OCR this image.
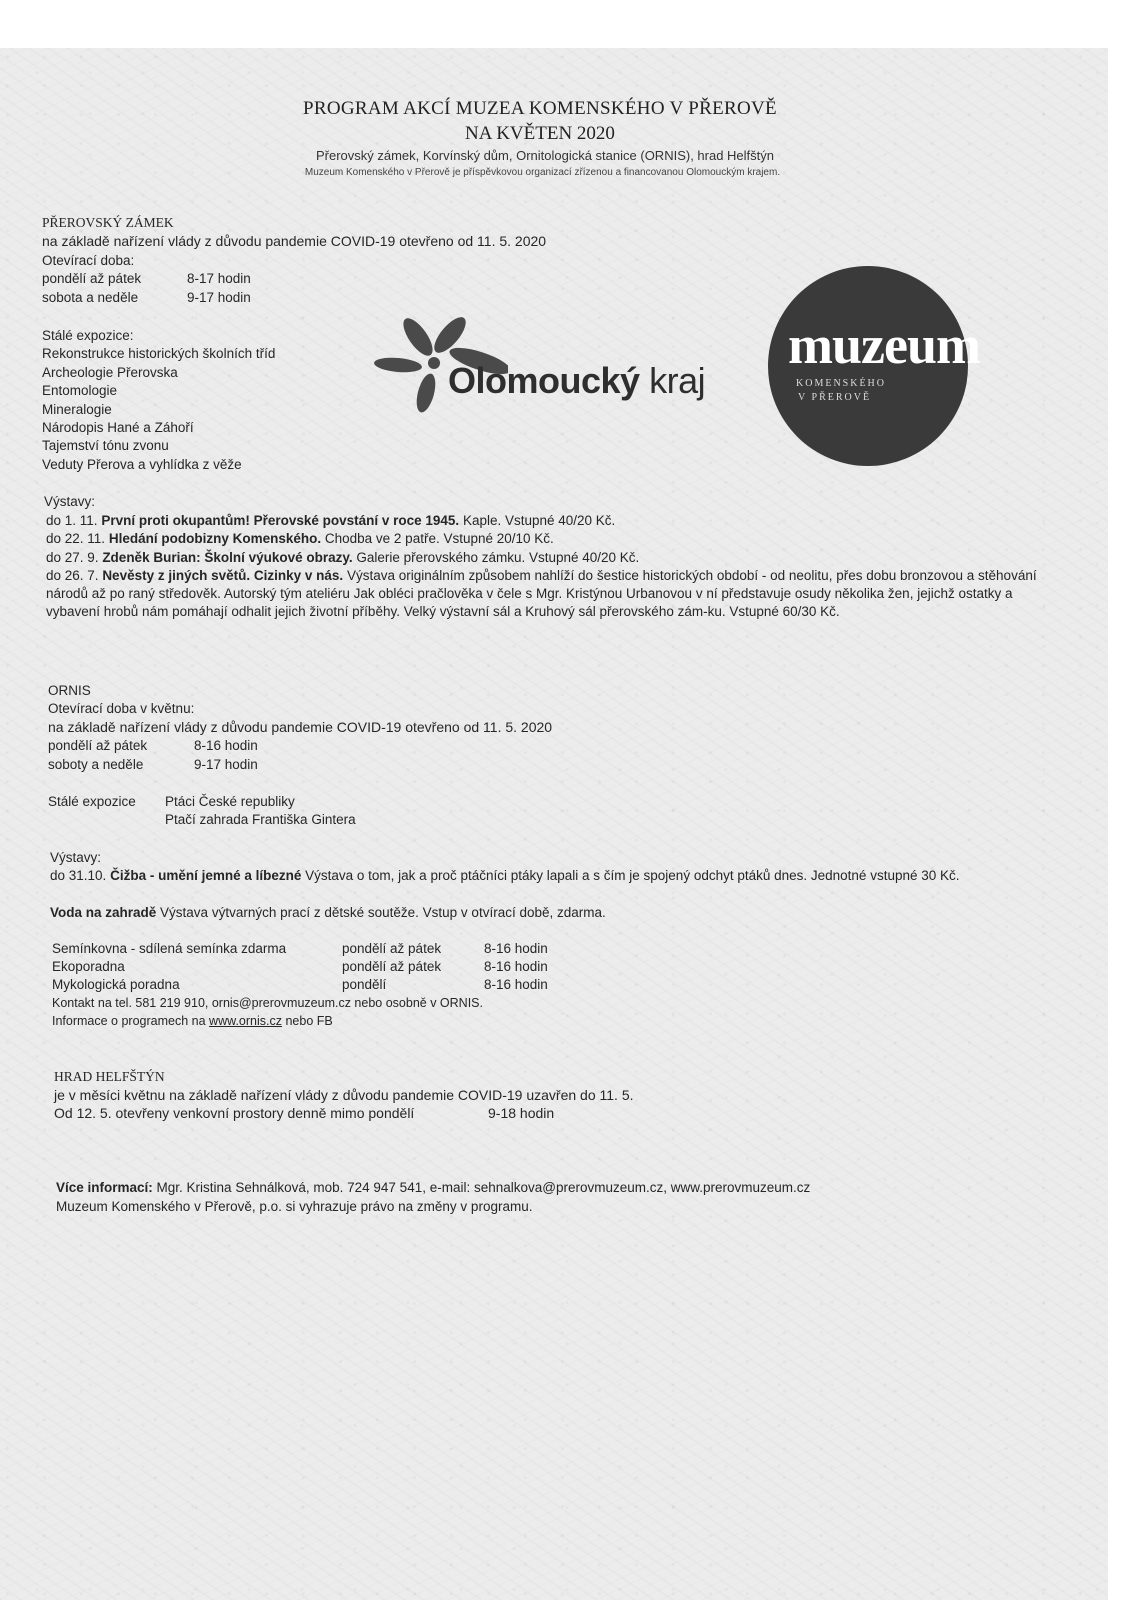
PROGRAM AKCÍ MUZEA KOMENSKÉHO V PŘEROVĚ
NA KVĚTEN 2020
Přerovský zámek, Korvínský dům, Ornitologická stanice (ORNIS), hrad Helfštýn
Muzeum Komenského v Přerově je příspěvkovou organizací zřízenou a financovanou Olomouckým krajem.
PŘEROVSKÝ ZÁMEK
na základě nařízení vlády z důvodu pandemie COVID-19 otevřeno od 11. 5. 2020
Otevírací doba:
pondělí až pátek	8-17 hodin
sobota a neděle	9-17 hodin
Stálé expozice:
Rekonstrukce historických školních tříd
Archeologie Přerovska
Entomologie
Mineralogie
Národopis Hané a Záhoří
Tajemství tónu zvonu
Veduty Přerova a vyhlídka z věže
Olomoucký kraj
muzeum
KOMENSKÉHO
V PŘEROVĚ
Výstavy:
do 1. 11. První proti okupantům! Přerovské povstání v roce 1945. Kaple. Vstupné 40/20 Kč.
do 22. 11. Hledání podobizny Komenského. Chodba ve 2 patře. Vstupné 20/10 Kč.
do 27. 9. Zdeněk Burian: Školní výukové obrazy. Galerie přerovského zámku. Vstupné 40/20 Kč.
do 26. 7. Nevěsty z jiných světů. Cizinky v nás. Výstava originálním způsobem nahlíží do šestice historických období - od neolitu, přes dobu bronzovou a stěhování národů až po raný středověk. Autorský tým ateliéru Jak obléci pračlověka v čele s Mgr. Kristýnou Urbanovou v ní představuje osudy několika žen, jejichž ostatky a vybavení hrobů nám pomáhají odhalit jejich životní příběhy. Velký výstavní sál a Kruhový sál přerovského zám-ku. Vstupné 60/30 Kč.
ORNIS
Otevírací doba v květnu:
na základě nařízení vlády z důvodu pandemie COVID-19 otevřeno od 11. 5. 2020
pondělí až pátek	8-16 hodin
soboty a neděle	9-17 hodin
Stálé expozice Ptáci České republiky
Ptačí zahrada Františka Gintera
Výstavy:
do 31.10. Čižba - umění jemné a líbezné Výstava o tom, jak a proč ptáčníci ptáky lapali a s čím je spojený odchyt ptáků dnes. Jednotné vstupné 30 Kč.
Voda na zahradě Výstava výtvarných prací z dětské soutěže. Vstup v otvírací době, zdarma.
Semínkovna - sdílená semínka zdarma	pondělí až pátek	8-16 hodin
Ekoporadna	pondělí až pátek	8-16 hodin
Mykologická poradna	pondělí	8-16 hodin
Kontakt na tel. 581 219 910, ornis@prerovmuzeum.cz nebo osobně v ORNIS.
Informace o programech na www.ornis.cz nebo FB
HRAD HELFŠTÝN
je v měsíci květnu na základě nařízení vlády z důvodu pandemie COVID-19 uzavřen do 11. 5.
Od 12. 5. otevřeny venkovní prostory denně mimo pondělí	9-18 hodin
Více informací: Mgr. Kristina Sehnálková, mob. 724 947 541, e-mail: sehnalkova@prerovmuzeum.cz, www.prerovmuzeum.cz
Muzeum Komenského v Přerově, p.o. si vyhrazuje právo na změny v programu.
